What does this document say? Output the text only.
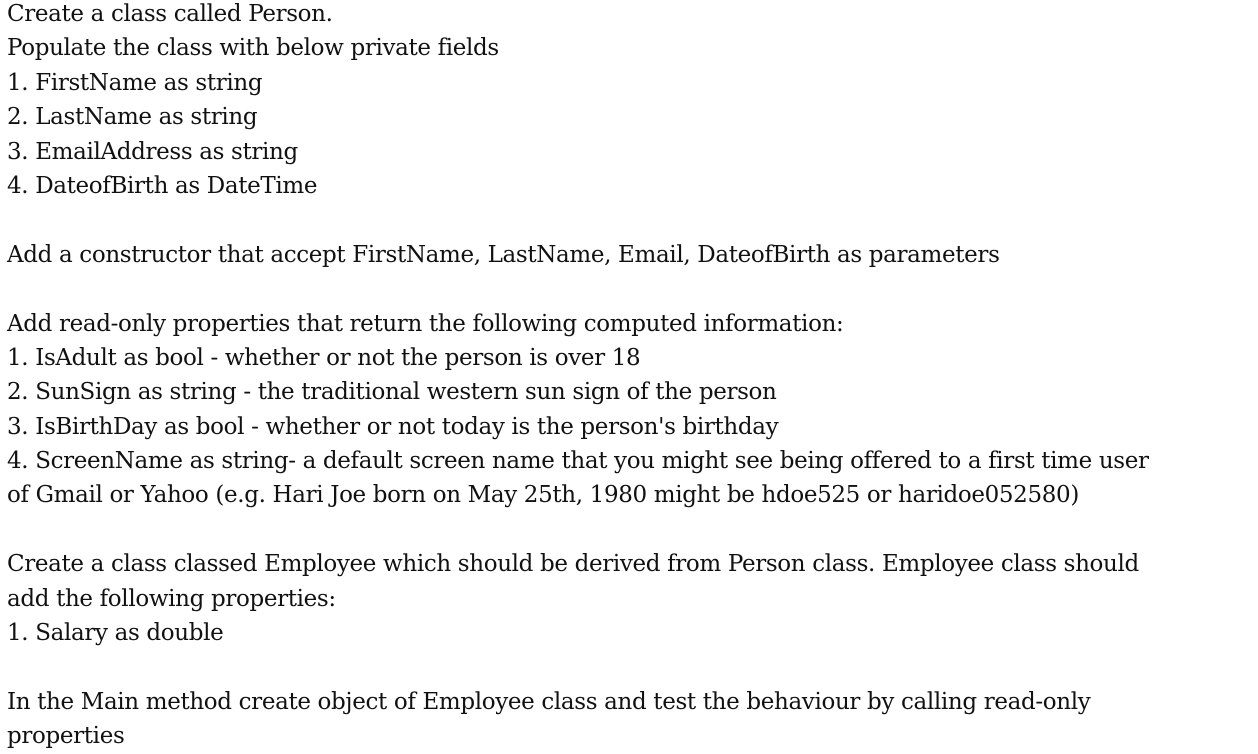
Create a class called Person.
Populate the class with below private fields
1. FirstName as string
2. LastName as string
3. EmailAddress as string
4. DateofBirth as DateTime
Add a constructor that accept FirstName, LastName, Email, DateofBirth as parameters
Add read-only properties that return the following computed information:
1. IsAdult as bool - whether or not the person is over 18
2. SunSign as string - the traditional western sun sign of the person
3. IsBirthDay as bool - whether or not today is the person's birthday
4. ScreenName as string- a default screen name that you might see being offered to a first time user
of Gmail or Yahoo (e.g. Hari Joe born on May 25th, 1980 might be hdoe525 or haridoe052580)
Create a class classed Employee which should be derived from Person class. Employee class should
add the following properties:
1. Salary as double
In the Main method create object of Employee class and test the behaviour by calling read-only
properties
